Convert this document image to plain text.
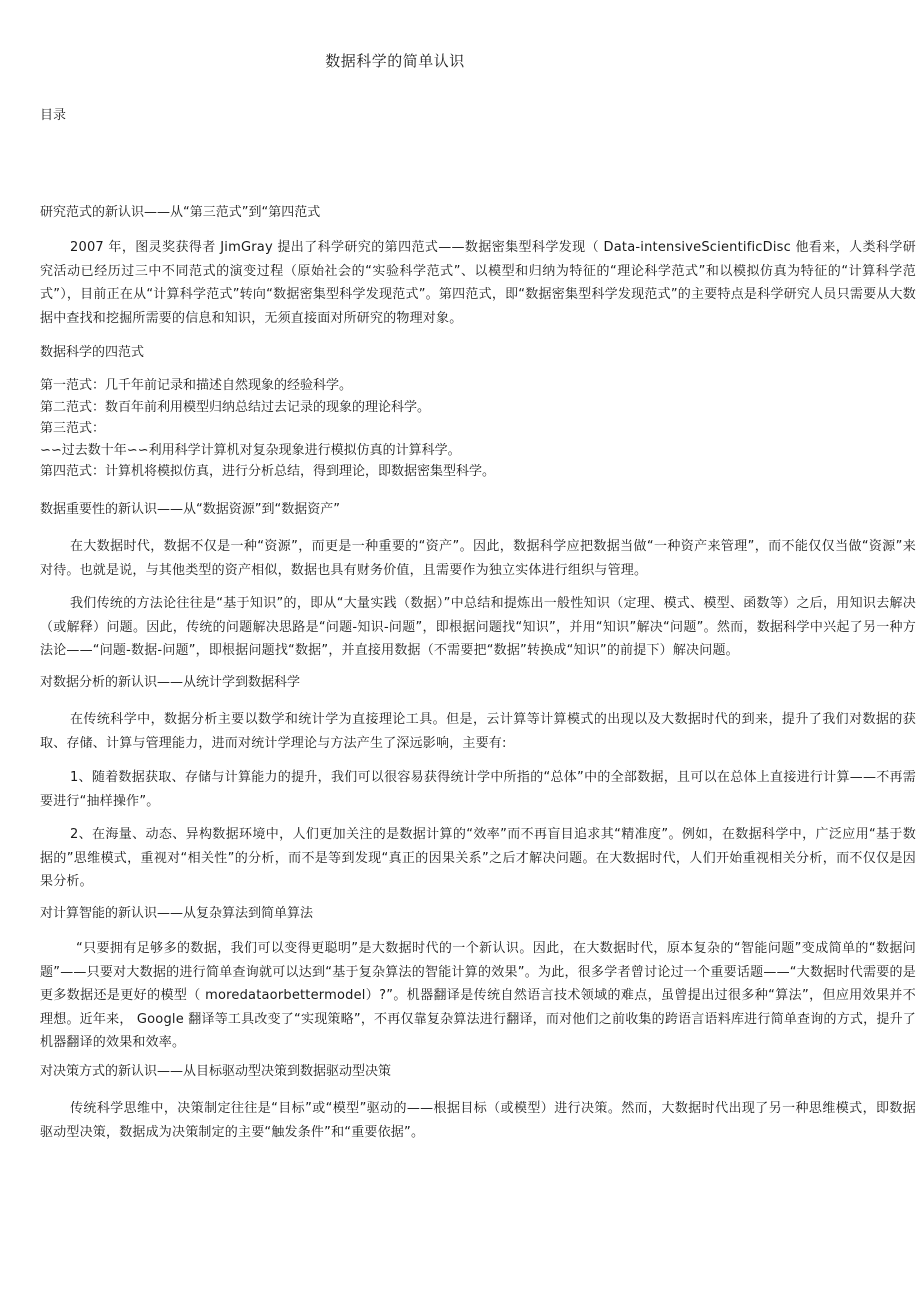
数据科学的简单认识
目录
研究范式的新认识——从“第三范式”到“第四范式

2007 年，图灵奖获得者 JimGray 提出了科学研究的第四范式——数据密集型科学发现（ Data-intensiveScientificDisc 他看来，人类科学研究活动已经历过三中不同范式的演变过程（原始社会的“实验科学范式”、以模型和归纳为特征的“理论科学范式”和以模拟仿真为特征的“计算科学范式”），目前正在从“计算科学范式”转向“数据密集型科学发现范式”。第四范式，即“数据密集型科学发现范式”的主要特点是科学研究人员只需要从大数据中查找和挖掘所需要的信息和知识，无须直接面对所研究的物理对象。

数据科学的四范式
第一范式：几千年前记录和描述自然现象的经验科学。
第二范式：数百年前利用模型归纳总结过去记录的现象的理论科学。
第三范式：
∽∽过去数十年∽∽利用科学计算机对复杂现象进行模拟仿真的计算科学。
第四范式：计算机将模拟仿真，进行分析总结，得到理论，即数据密集型科学。
数据重要性的新认识——从“数据资源”到“数据资产”

在大数据时代，数据不仅是一种“资源”，而更是一种重要的“资产”。因此，数据科学应把数据当做“一种资产来管理”，而不能仅仅当做“资源”来对待。也就是说，与其他类型的资产相似，数据也具有财务价值，且需要作为独立实体进行组织与管理。

我们传统的方法论往往是“基于知识”的，即从“大量实践（数据）”中总结和提炼出一般性知识（定理、模式、模型、函数等）之后，用知识去解决（或解释）问题。因此，传统的问题解决思路是“问题-知识-问题”，即根据问题找“知识”，并用“知识”解决“问题”。然而，数据科学中兴起了另一种方法论——“问题-数据-问题”，即根据问题找“数据”，并直接用数据（不需要把“数据”转换成“知识”的前提下）解决问题。

对数据分析的新认识——从统计学到数据科学

在传统科学中，数据分析主要以数学和统计学为直接理论工具。但是，云计算等计算模式的出现以及大数据时代的到来，提升了我们对数据的获取、存储、计算与管理能力，进而对统计学理论与方法产生了深远影响，主要有:

1、随着数据获取、存储与计算能力的提升，我们可以很容易获得统计学中所指的“总体”中的全部数据，且可以在总体上直接进行计算——不再需要进行“抽样操作”。

2、在海量、动态、异构数据环境中，人们更加关注的是数据计算的“效率”而不再盲目追求其“精准度”。例如，在数据科学中，广泛应用“基于数据的”思维模式，重视对“相关性”的分析，而不是等到发现“真正的因果关系”之后才解决问题。在大数据时代，人们开始重视相关分析，而不仅仅是因果分析。

对计算智能的新认识——从复杂算法到简单算法

“只要拥有足够多的数据，我们可以变得更聪明”是大数据时代的一个新认识。因此，在大数据时代，原本复杂的“智能问题”变成简单的“数据问题”——只要对大数据的进行简单查询就可以达到“基于复杂算法的智能计算的效果”。为此，很多学者曾讨论过一个重要话题——“大数据时代需要的是更多数据还是更好的模型（ moredataorbettermodel）?”。机器翻译是传统自然语言技术领域的难点，虽曾提出过很多种“算法”，但应用效果并不理想。近年来， Google 翻译等工具改变了“实现策略”，不再仅靠复杂算法进行翻译，而对他们之前收集的跨语言语料库进行简单查询的方式，提升了机器翻译的效果和效率。

对决策方式的新认识——从目标驱动型决策到数据驱动型决策

传统科学思维中，决策制定往往是“目标”或“模型”驱动的——根据目标（或模型）进行决策。然而，大数据时代出现了另一种思维模式，即数据驱动型决策，数据成为决策制定的主要“触发条件”和“重要依据”。
